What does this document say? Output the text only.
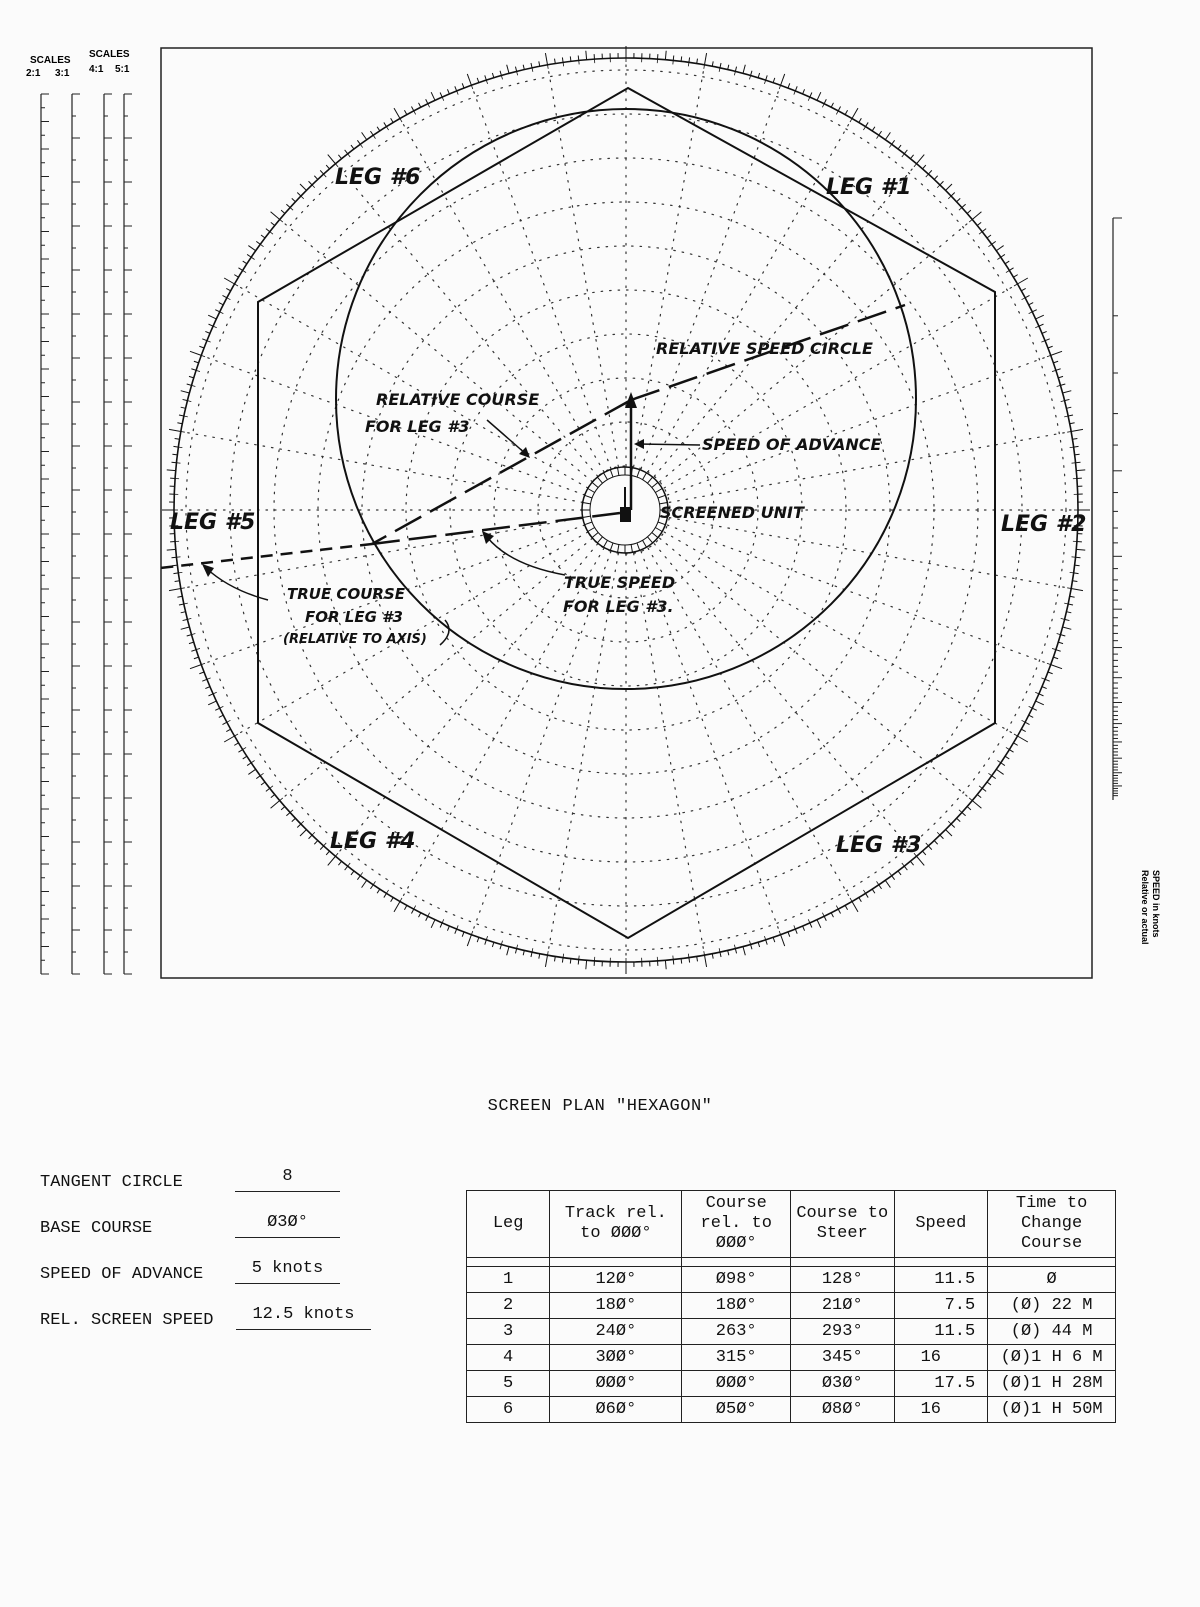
SCALES
SCALES
2:1 3:1 4:1 5:1
SPEED in knots
Relative or actual
LEG #6	LEG #1
LEG #2
LEG #3
LEG #4
LEG #5
RELATIVE SPEED CIRCLE
RELATIVE COURSE
FOR LEG #3
SPEED OF ADVANCE
SCREENED UNIT
TRUE SPEED
FOR LEG #3.
TRUE COURSE
FOR LEG #3
(RELATIVE TO AXIS)
SCREEN PLAN "HEXAGON"
TANGENT CIRCLE	8
BASE COURSE	Ø3Ø°
SPEED OF ADVANCE	5 knots
REL. SCREEN SPEED	12.5 knots
Leg	Track rel. to ØØØ°	Course rel. to ØØØ°	Course to Steer	Speed	Time to Change Course

1	12Ø°	Ø98°	128°	11.5	Ø
2	18Ø°	18Ø°	21Ø°	7.5	(Ø) 22 M
3	24Ø°	263°	293°	11.5	(Ø) 44 M
4	3ØØ°	315°	345°	16	(Ø)1 H 6 M
5	ØØØ°	ØØØ°	Ø3Ø°	17.5	(Ø)1 H 28M
6	Ø6Ø°	Ø5Ø°	Ø8Ø°	16	(Ø)1 H 50M
